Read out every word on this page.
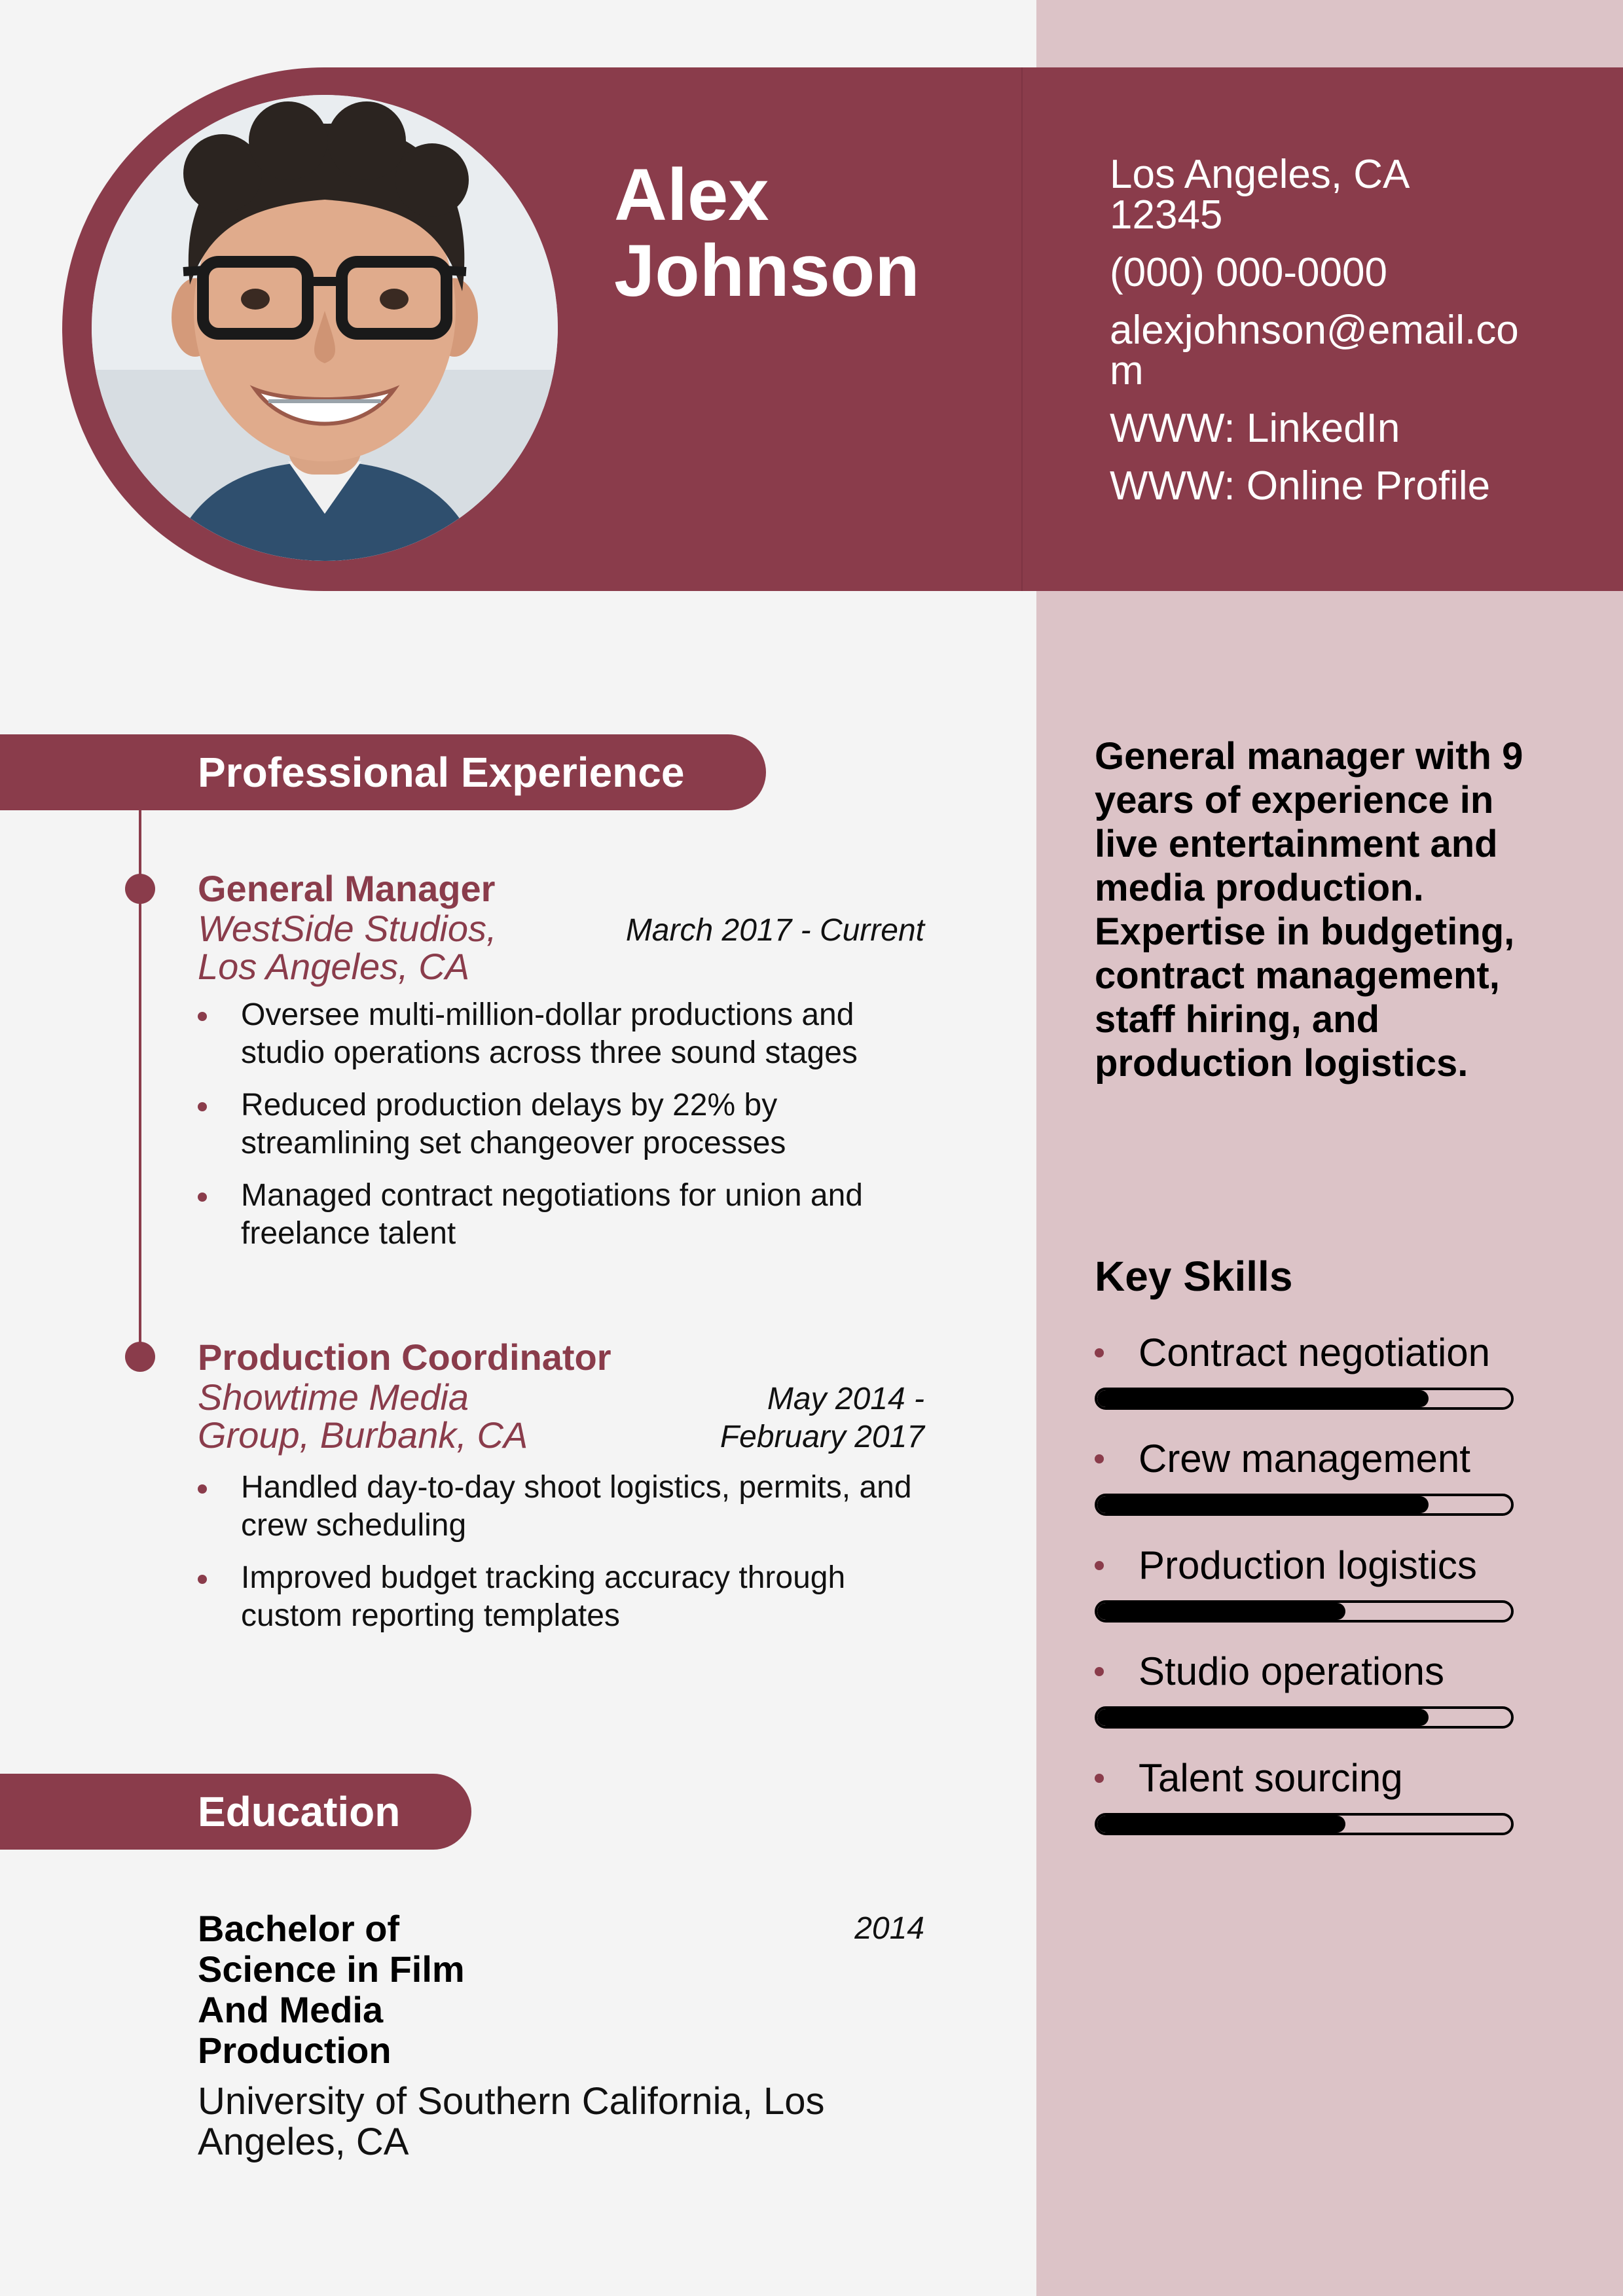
Alex
Johnson
Los Angeles, CA 12345
(000) 000-0000
alexjohnson@email.com
WWW: LinkedIn
WWW: Online Profile
Professional Experience
General Manager
WestSide Studios, Los Angeles, CA
March 2017 - Current
Oversee multi-million-dollar productions and studio operations across three sound stages
Reduced production delays by 22% by streamlining set changeover processes
Managed contract negotiations for union and freelance talent
Production Coordinator
Showtime Media Group, Burbank, CA
May 2014 - February 2017
Handled day-to-day shoot logistics, permits, and crew scheduling
Improved budget tracking accuracy through custom reporting templates
Education
Bachelor of Science in Film And Media Production
2014
University of Southern California, Los Angeles, CA
General manager with 9 years of experience in live entertainment and media production. Expertise in budgeting, contract management, staff hiring, and production logistics.
Key Skills
Contract negotiation
Crew management
Production logistics
Studio operations
Talent sourcing
